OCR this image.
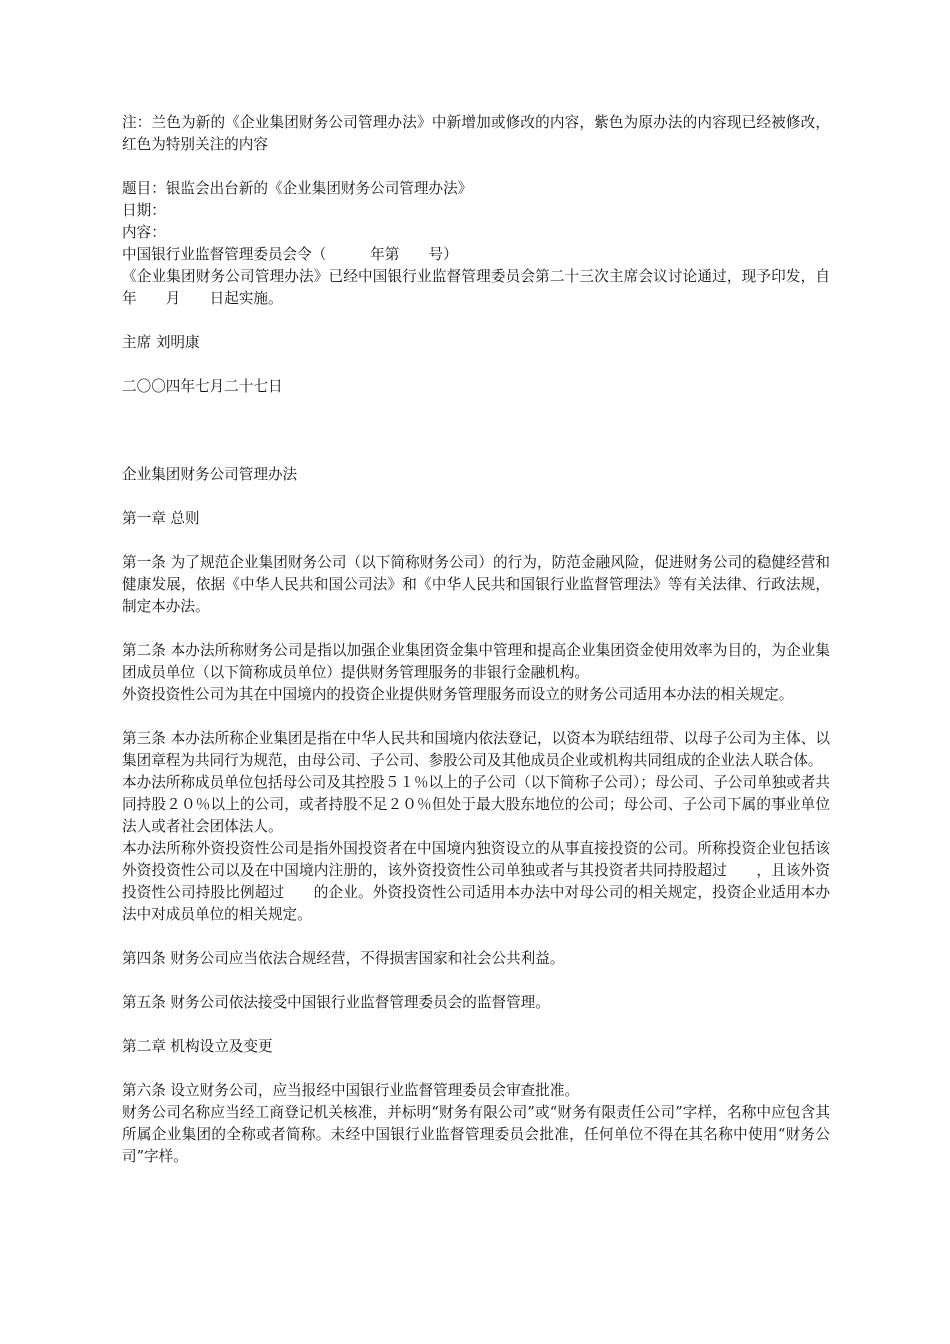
注：兰色为新的《企业集团财务公司管理办法》中新增加或修改的内容，紫色为原办法的内容现已经被修改，红色为特别关注的内容

题目：银监会出台新的《企业集团财务公司管理办法》

日期：

内容：

中国银行业监督管理委员会令（　　　年第　　号）

《企业集团财务公司管理办法》已经中国银行业监督管理委员会第二十三次主席会议讨论通过，现予印发，自　　　年　　月　　日起实施。

主席 刘明康

二〇〇四年七月二十七日

企业集团财务公司管理办法

第一章 总则

第一条 为了规范企业集团财务公司（以下简称财务公司）的行为，防范金融风险，促进财务公司的稳健经营和健康发展，依据《中华人民共和国公司法》和《中华人民共和国银行业监督管理法》等有关法律、行政法规，制定本办法。

第二条 本办法所称财务公司是指以加强企业集团资金集中管理和提高企业集团资金使用效率为目的，为企业集团成员单位（以下简称成员单位）提供财务管理服务的非银行金融机构。

外资投资性公司为其在中国境内的投资企业提供财务管理服务而设立的财务公司适用本办法的相关规定。

第三条 本办法所称企业集团是指在中华人民共和国境内依法登记，以资本为联结纽带、以母子公司为主体、以集团章程为共同行为规范，由母公司、子公司、参股公司及其他成员企业或机构共同组成的企业法人联合体。

本办法所称成员单位包括母公司及其控股５１％以上的子公司（以下简称子公司）；母公司、子公司单独或者共同持股２０％以上的公司，或者持股不足２０％但处于最大股东地位的公司；母公司、子公司下属的事业单位法人或者社会团体法人。

本办法所称外资投资性公司是指外国投资者在中国境内独资设立的从事直接投资的公司。所称投资企业包括该外资投资性公司以及在中国境内注册的，该外资投资性公司单独或者与其投资者共同持股超过　　，且该外资投资性公司持股比例超过　　的企业。外资投资性公司适用本办法中对母公司的相关规定，投资企业适用本办法中对成员单位的相关规定。

第四条 财务公司应当依法合规经营，不得损害国家和社会公共利益。

第五条 财务公司依法接受中国银行业监督管理委员会的监督管理。

第二章 机构设立及变更

第六条 设立财务公司，应当报经中国银行业监督管理委员会审查批准。

财务公司名称应当经工商登记机关核准，并标明“财务有限公司”或“财务有限责任公司”字样，名称中应包含其所属企业集团的全称或者简称。未经中国银行业监督管理委员会批准，任何单位不得在其名称中使用“财务公司”字样。
